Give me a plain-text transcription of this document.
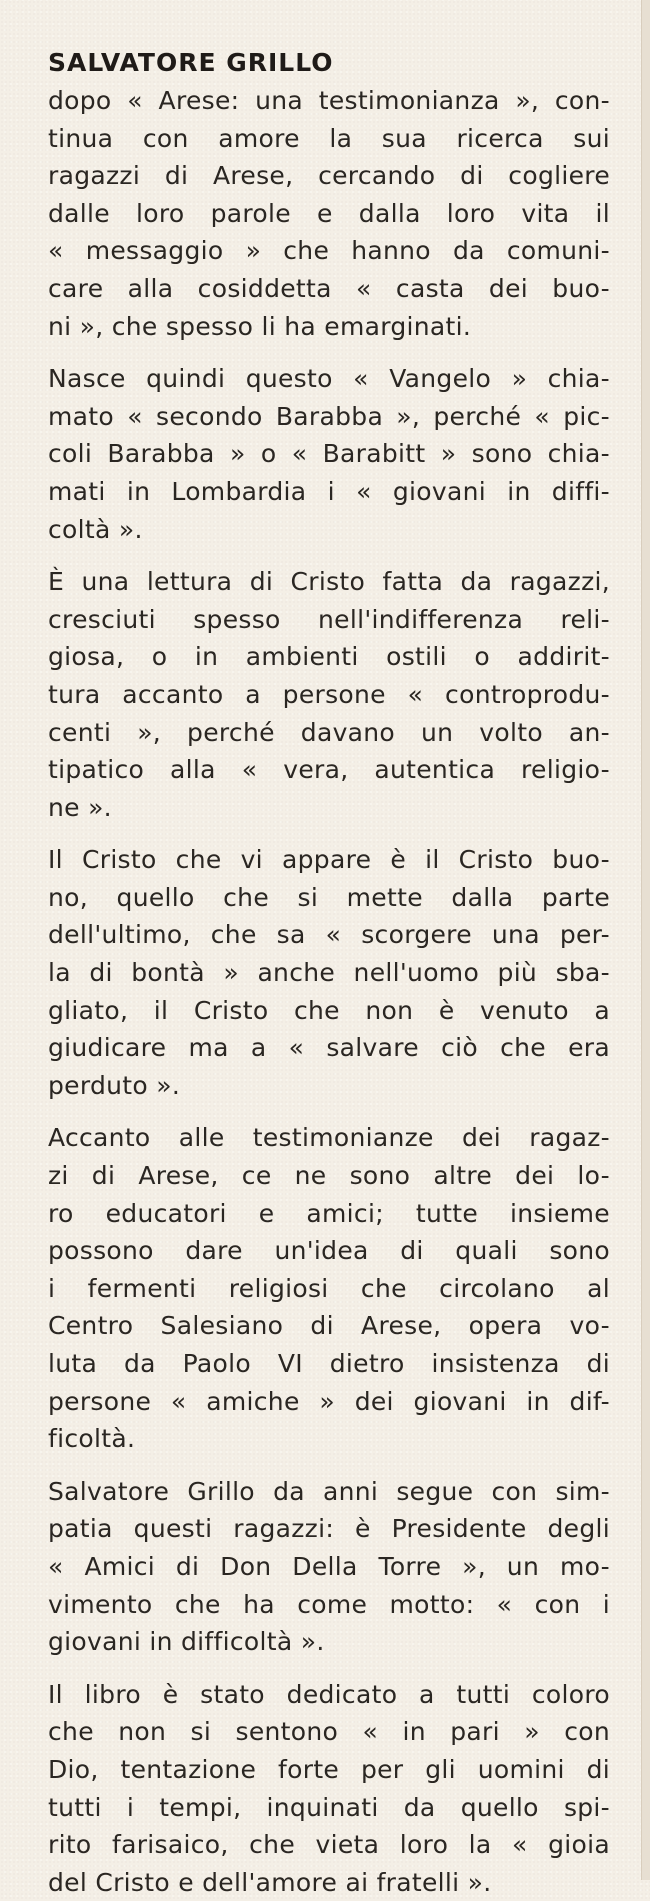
SALVATORE GRILLO

dopo « Arese: una testimonianza », con-
tinua con amore la sua ricerca sui
ragazzi di Arese, cercando di cogliere
dalle loro parole e dalla loro vita il
« messaggio » che hanno da comuni-
care alla cosiddetta « casta dei buo-
ni », che spesso li ha emarginati.

Nasce quindi questo « Vangelo » chia-
mato « secondo Barabba », perché « pic-
coli Barabba » o « Barabitt » sono chia-
mati in Lombardia i « giovani in diffi-
coltà ».

È una lettura di Cristo fatta da ragazzi,
cresciuti spesso nell'indifferenza reli-
giosa, o in ambienti ostili o addirit-
tura accanto a persone « controprodu-
centi », perché davano un volto an-
tipatico alla « vera, autentica religio-
ne ».

Il Cristo che vi appare è il Cristo buo-
no, quello che si mette dalla parte
dell'ultimo, che sa « scorgere una per-
la di bontà » anche nell'uomo più sba-
gliato, il Cristo che non è venuto a
giudicare ma a « salvare ciò che era
perduto ».

Accanto alle testimonianze dei ragaz-
zi di Arese, ce ne sono altre dei lo-
ro educatori e amici; tutte insieme
possono dare un'idea di quali sono
i fermenti religiosi che circolano al
Centro Salesiano di Arese, opera vo-
luta da Paolo VI dietro insistenza di
persone « amiche » dei giovani in dif-
ficoltà.

Salvatore Grillo da anni segue con sim-
patia questi ragazzi: è Presidente degli
« Amici di Don Della Torre », un mo-
vimento che ha come motto: « con i
giovani in difficoltà ».

Il libro è stato dedicato a tutti coloro
che non si sentono « in pari » con
Dio, tentazione forte per gli uomini di
tutti i tempi, inquinati da quello spi-
rito farisaico, che vieta loro la « gioia
del Cristo e dell'amore ai fratelli ».
